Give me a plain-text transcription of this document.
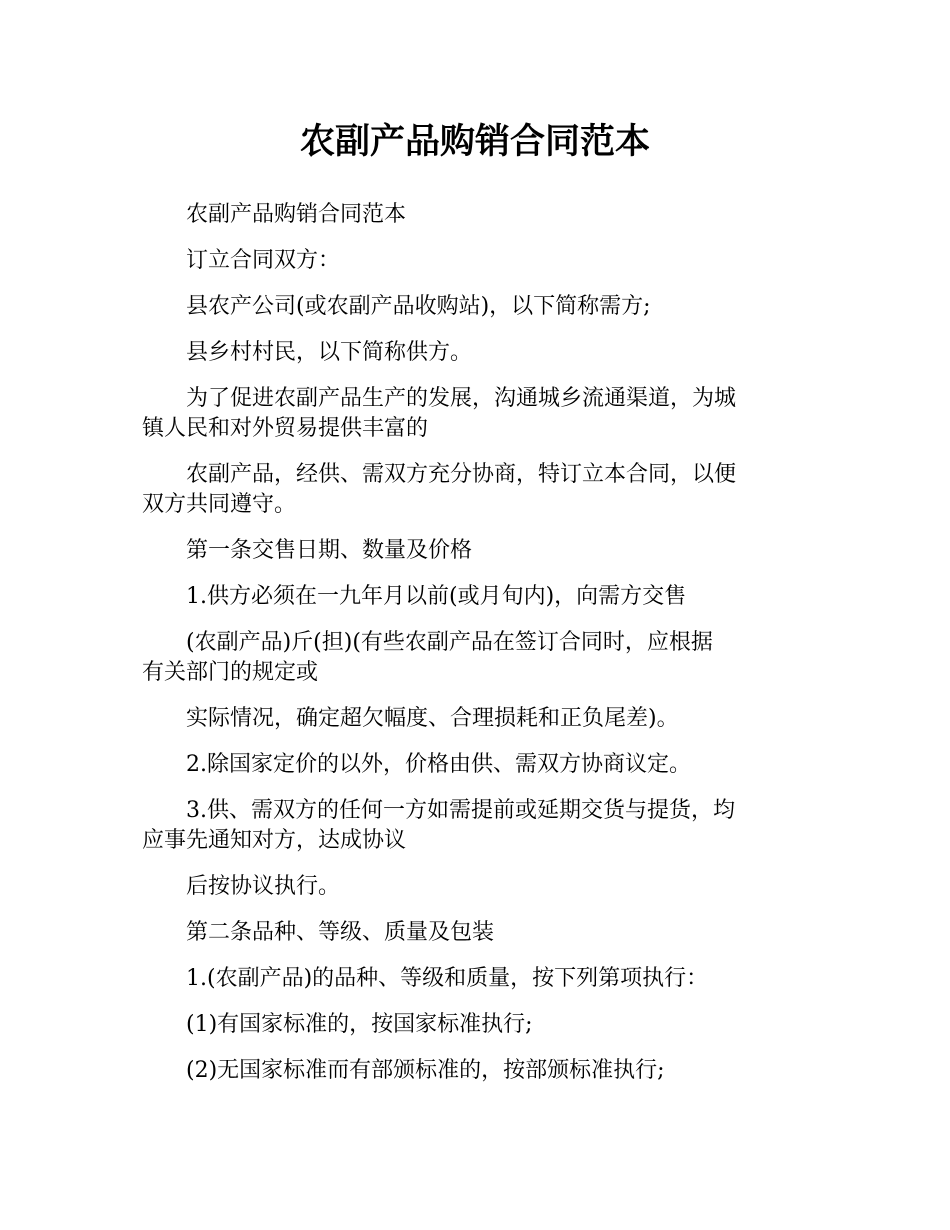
农副产品购销合同范本

农副产品购销合同范本

订立合同双方：

县农产公司(或农副产品收购站)，以下简称需方;

县乡村村民，以下简称供方。

为了促进农副产品生产的发展，沟通城乡流通渠道，为城
镇人民和对外贸易提供丰富的

农副产品，经供、需双方充分协商，特订立本合同，以便
双方共同遵守。

第一条交售日期、数量及价格

1.供方必须在一九年月以前(或月旬内)，向需方交售

(农副产品)斤(担)(有些农副产品在签订合同时，应根据
有关部门的规定或

实际情况，确定超欠幅度、合理损耗和正负尾差)。

2.除国家定价的以外，价格由供、需双方协商议定。

3.供、需双方的任何一方如需提前或延期交货与提货，均
应事先通知对方，达成协议

后按协议执行。

第二条品种、等级、质量及包装

1.(农副产品)的品种、等级和质量，按下列第项执行：

(1)有国家标准的，按国家标准执行;

(2)无国家标准而有部颁标准的，按部颁标准执行;
